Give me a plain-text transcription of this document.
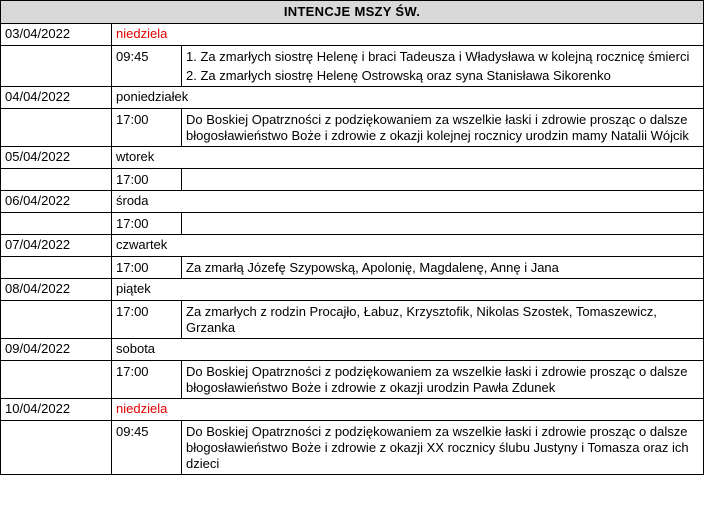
INTENCJE MSZY ŚW.		
03/04/2022	niedziela	
	09:45	1. Za zmarłych siostrę Helenę i braci Tadeusza i Władysława w kolejną rocznicę śmierci

2. Za zmarłych siostrę Helenę Ostrowską oraz syna Stanisława Sikorenko

04/04/2022	poniedziałek	
	17:00	Do Boskiej Opatrzności z podziękowaniem za wszelkie łaski i zdrowie prosząc o dalsze błogosławieństwo Boże i zdrowie z okazji kolejnej rocznicy urodzin mamy Natalii Wójcik

05/04/2022	wtorek	
	17:00	

06/04/2022	środa	
	17:00	

07/04/2022	czwartek	
	17:00	Za zmarłą Józefę Szypowską, Apolonię, Magdalenę, Annę i Jana

08/04/2022	piątek	
	17:00	Za zmarłych z rodzin Procajło, Łabuz, Krzysztofik, Nikolas Szostek, Tomaszewicz, Grzanka

09/04/2022	sobota	
	17:00	Do Boskiej Opatrzności z podziękowaniem za wszelkie łaski i zdrowie prosząc o dalsze błogosławieństwo Boże i zdrowie z okazji urodzin Pawła Zdunek

10/04/2022	niedziela	
	09:45	Do Boskiej Opatrzności z podziękowaniem za wszelkie łaski i zdrowie prosząc o dalsze błogosławieństwo Boże i zdrowie z okazji XX rocznicy ślubu Justyny i Tomasza oraz ich dzieci
